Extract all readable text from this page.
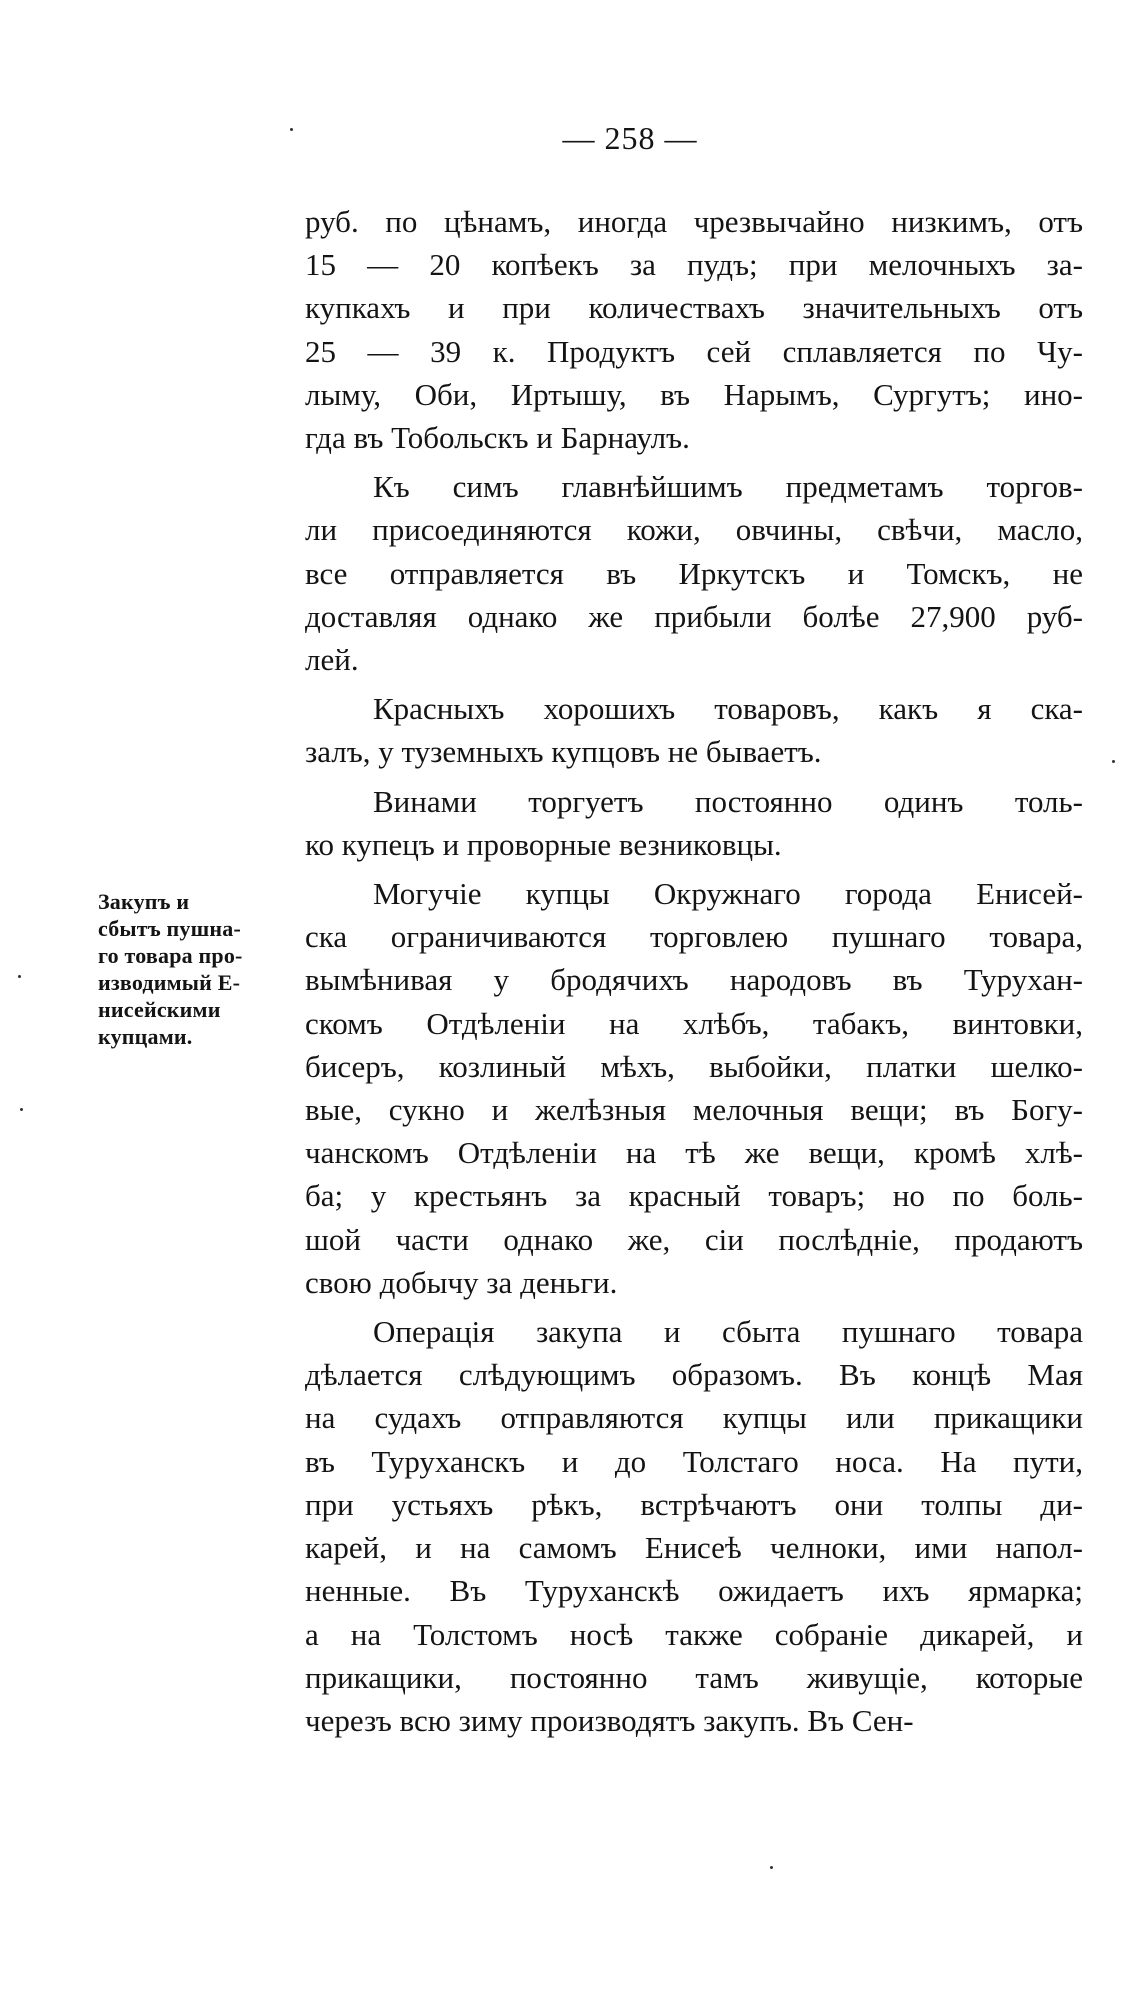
— 258 —
Закупъ и
сбытъ пушна-
го товара про-
изводимый Е-
нисейскими
купцами.
руб. по цѣнамъ, иногда чрезвычайно низкимъ, отъ
15 — 20 копѣекъ за пудъ; при мелочныхъ за-
купкахъ и при количествахъ значительныхъ отъ
25 — 39 к. Продуктъ сей сплавляется по Чу-
лыму, Оби, Иртышу, въ Нарымъ, Сургутъ; ино-
гда въ Тобольскъ и Барнаулъ.
Къ симъ главнѣйшимъ предметамъ торгов-
ли присоединяются кожи, овчины, свѣчи, масло,
все отправляется въ Иркутскъ и Томскъ, не
доставляя однако же прибыли болѣе 27,900 руб-
лей.
Красныхъ хорошихъ товаровъ, какъ я ска-
залъ, у туземныхъ купцовъ не бываетъ.
Винами торгуетъ постоянно одинъ толь-
ко купецъ и проворные везниковцы.
Могучіе купцы Окружнаго города Енисей-
ска ограничиваются торговлею пушнаго товара,
вымѣнивая у бродячихъ народовъ въ Турухан-
скомъ Отдѣленіи на хлѣбъ, табакъ, винтовки,
бисеръ, козлиный мѣхъ, выбойки, платки шелко-
вые, сукно и желѣзныя мелочныя вещи; въ Богу-
чанскомъ Отдѣленіи на тѣ же вещи, кромѣ хлѣ-
ба; у крестьянъ за красный товаръ; но по боль-
шой части однако же, сіи послѣдніе, продаютъ
свою добычу за деньги.
Операція закупа и сбыта пушнаго товара
дѣлается слѣдующимъ образомъ. Въ концѣ Мая
на судахъ отправляются купцы или прикащики
въ Туруханскъ и до Толстаго носа. На пути,
при устьяхъ рѣкъ, встрѣчаютъ они толпы ди-
карей, и на самомъ Енисеѣ челноки, ими напол-
ненные. Въ Туруханскѣ ожидаетъ ихъ ярмарка;
а на Толстомъ носѣ также собраніе дикарей, и
прикащики, постоянно тамъ живущіе, которые
черезъ всю зиму производятъ закупъ. Въ Сен-
